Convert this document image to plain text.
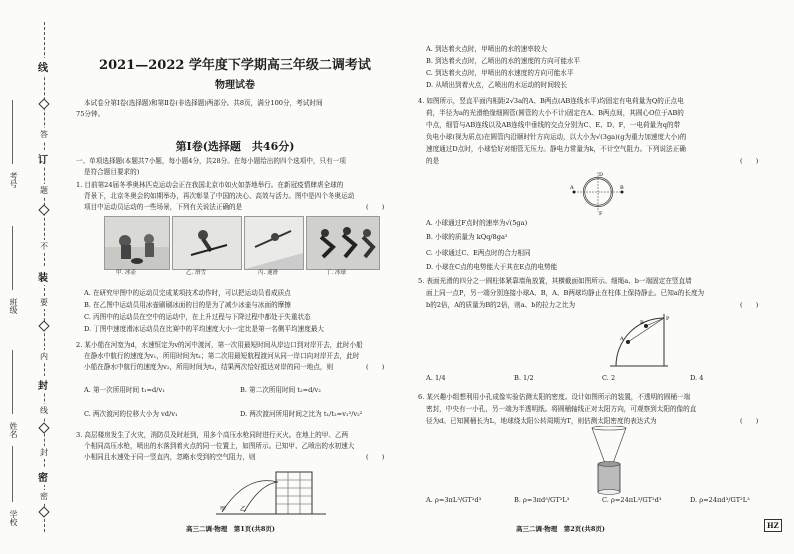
线
订
装
封
密
答
题
不
要
内
线
封
密
考号
班级
姓名
学校
2021—2022 学年度下学期高三年级二调考试
物理试卷
本试卷分第Ⅰ卷(选择题)和第Ⅱ卷(非选择题)两部分。共8页，满分100分，考试时间
75分钟。
第Ⅰ卷(选择题　共46分)
一、单项选择题(本题共7小题，每小题4分，共28分。在每小题给出的四个选项中，只有一项
是符合题目要求的)
1. 目前第24届冬季奥林匹克运动会正在我国北京市如火如荼地举行。在新冠疫情肆虐全球的
背景下，北京冬奥会的如期举办，再次彰显了中国的决心、高效与活力。图中是四个冬奥运动
项目中运动员运动的一些场景，下列有关说法正确的是	(　　)
甲. 冰壶	乙. 滑雪	丙. 速滑	丁. 冰球
A. 在研究甲图中的运动员完成某项技术动作时，可以把运动员看成质点
B. 在乙图中运动员用冰壶刷刷冰面的目的是为了减少冰壶与冰面的摩擦
C. 丙图中的运动员在空中的运动中，在上升过程与下降过程中都处于失重状态
D. 丁图中速度滑冰运动员在比赛中的平均速度大小一定比是第一名侧平均速度最大
2. 某小船在河宽为d，水速恒定为v的河中渡河，第一次用最短时间从岸边口到对岸开去，此时小船
在静水中航行的速度为v₁，所用时间为t₁；第二次用最短航程渡河从同一岸口向对岸开去，此时
小船在静水中航行的速度为v₂，所用时间为t₂，结果两次恰好抵达对岸的同一地点，则	(　　)
A. 第一次所用时间 t₁=d/v₁	B. 第二次所用时间 t₂=d/v₂
C. 两次渡河的位移大小为 vd/v₁	D. 两次渡河所用时间之比为 t₁/t₂=v₁²/v₂²
3. 高层楼房发生了火灾，消防员及时赶到，用多个高压水枪同时进行灭火。在地上的甲、乙两
个相同高压水枪，喷出的水落到着火点的同一位置上，如图所示。已知甲、乙喷出的水初速大
小相同且水速处于同一竖直内，忽略水受到的空气阻力，则	(　　)
甲 乙
高三二调·物理　第1页(共8页)
A. 到达着火点时，甲喷出的水的速率较大
B. 到达着火点时，乙喷出的水的速度的方向可能水平
C. 到达着火点时，甲喷出的水速度的方向可能水平
D. 从喷出到着火点，乙喷出的水运动的时间较长
4. 如图所示，竖直平面内相距2√3a的A、B两点(AB连线水平)均固定有电荷量为Q的正点电
荷，半径为a的光滑绝缘细圆管(圆管的大小不计)固定在A、B两点间，其圆心O位于AB的
中点，细管与AB连线以及AB连线中垂线的交点分别为C、E、D、F，一电荷量为q的带
负电小球(视为质点)在圆管内沿顺时针方向运动，以大小为√(3ga)(g为重力加速度大小)的
速度通过D点时，小球恰好对细管无压力。静电力常量为k，不计空气阻力。下列说法正确
的是	(　　)
A	B
D
F
A. 小球通过F点时的速率为√(5ga)
B. 小球的质量为 kQq/8ga²
C. 小球通过C、E两点时的合力相同
D. 小球在C点的电势能大于其在E点的电势能
5. 表面光滑的四分之一圆柱体紧靠墙角放置，其横截面如图所示。细绳a、b一端固定在竖直墙
面上同一点P，另一端分别连接小球A、B，A、B两球均静止在柱体上保持静止。已知a的长度为
b的2倍，A的质量为B的2倍，则a、b的拉力之比为	(　　)
P
A
B
A. 1/4	B. 1/2	C. 2	D. 4
6. 某兴趣小组想利用小孔成像实验估测太阳的密度。设计如图所示的装置，不透明的圆桶一端
密封，中央有一小孔，另一端为半透明纸。将圆桶轴线正对太阳方向，可观察到太阳的像的直
径为d。已知圆桶长为L，地球绕太阳公转周期为T，则估测太阳密度的表达式为	(　　)
A. ρ=3πL³/GT²d³	B. ρ=3πd³/GT²L³	C. ρ=24πL³/GT²d³	D. ρ=24πd³/GT²L³
高三二调·物理　第2页(共8页)	HZ
